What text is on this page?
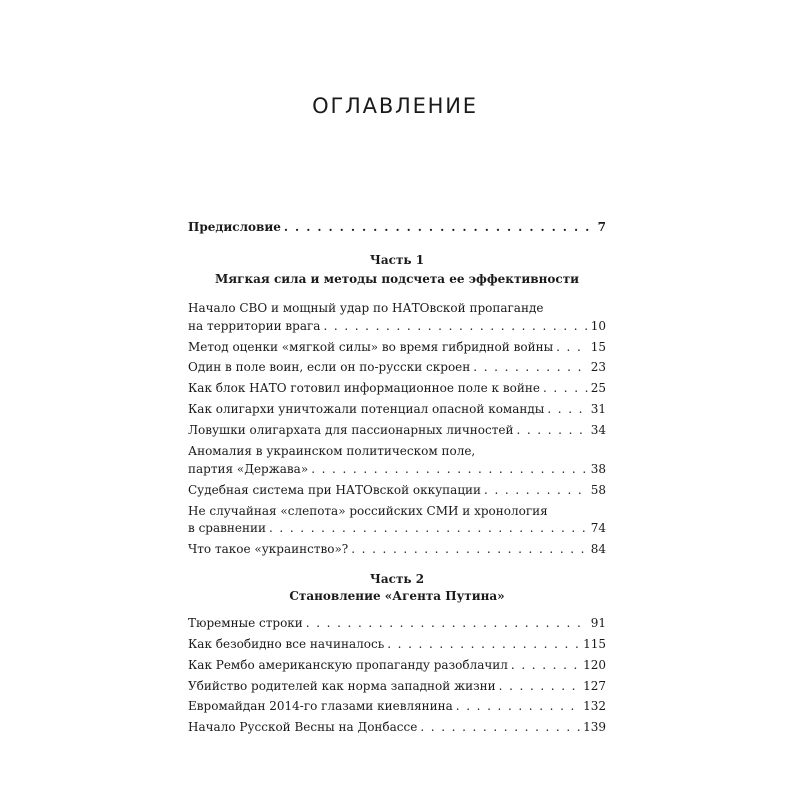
ОГЛАВЛЕНИЕ
Предисловие . . .	7
Часть 1
Мягкая сила и методы подсчета ее эффективности
Начало СВО и мощный удар по НАТОвской пропаганде
на территории врага . . .	10
Метод оценки «мягкой силы» во время гибридной войны . . .	15
Один в поле воин, если он по-русски скроен . . .	23
Как блок НАТО готовил информационное поле к войне . . .	25
Как олигархи уничтожали потенциал опасной команды . . .	31
Ловушки олигархата для пассионарных личностей . . .	34
Аномалия в украинском политическом поле,
партия «Держава» . . .	38
Судебная система при НАТОвской оккупации . . .	58
Не случайная «слепота» российских СМИ и хронология
в сравнении . . .	74
Что такое «украинство»? . . .	84
Часть 2
Становление «Агента Путина»
Тюремные строки . . .	91
Как безобидно все начиналось . . .	115
Как Рембо американскую пропаганду разоблачил . . .	120
Убийство родителей как норма западной жизни . . .	127
Евромайдан 2014-го глазами киевлянина . . .	132
Начало Русской Весны на Донбассе . . .	139
